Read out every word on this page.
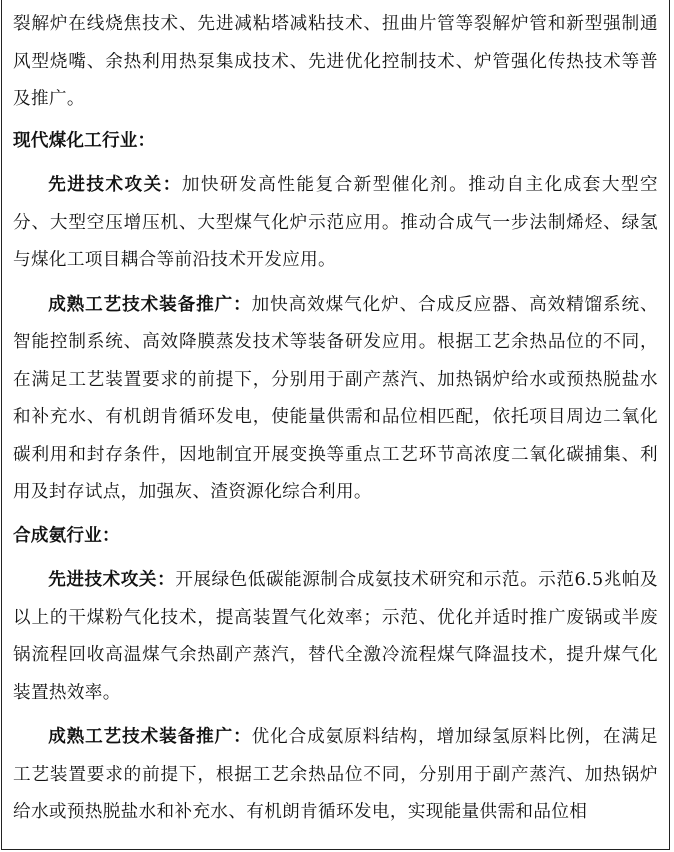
裂解炉在线烧焦技术、先进减粘塔减粘技术、扭曲片管等裂解炉管和新型强制通风型烧嘴、余热利用热泵集成技术、先进优化控制技术、炉管强化传热技术等普及推广。

现代煤化工行业：

先进技术攻关：加快研发高性能复合新型催化剂。推动自主化成套大型空分、大型空压增压机、大型煤气化炉示范应用。推动合成气一步法制烯烃、绿氢与煤化工项目耦合等前沿技术开发应用。

成熟工艺技术装备推广：加快高效煤气化炉、合成反应器、高效精馏系统、智能控制系统、高效降膜蒸发技术等装备研发应用。根据工艺余热品位的不同，在满足工艺装置要求的前提下，分别用于副产蒸汽、加热锅炉给水或预热脱盐水和补充水、有机朗肯循环发电，使能量供需和品位相匹配，依托项目周边二氧化碳利用和封存条件，因地制宜开展变换等重点工艺环节高浓度二氧化碳捕集、利用及封存试点，加强灰、渣资源化综合利用。

合成氨行业：

先进技术攻关：开展绿色低碳能源制合成氨技术研究和示范。示范6.5兆帕及以上的干煤粉气化技术，提高装置气化效率；示范、优化并适时推广废锅或半废锅流程回收高温煤气余热副产蒸汽，替代全激冷流程煤气降温技术，提升煤气化装置热效率。

成熟工艺技术装备推广：优化合成氨原料结构，增加绿氢原料比例，在满足工艺装置要求的前提下，根据工艺余热品位不同，分别用于副产蒸汽、加热锅炉给水或预热脱盐水和补充水、有机朗肯循环发电，实现能量供需和品位相
